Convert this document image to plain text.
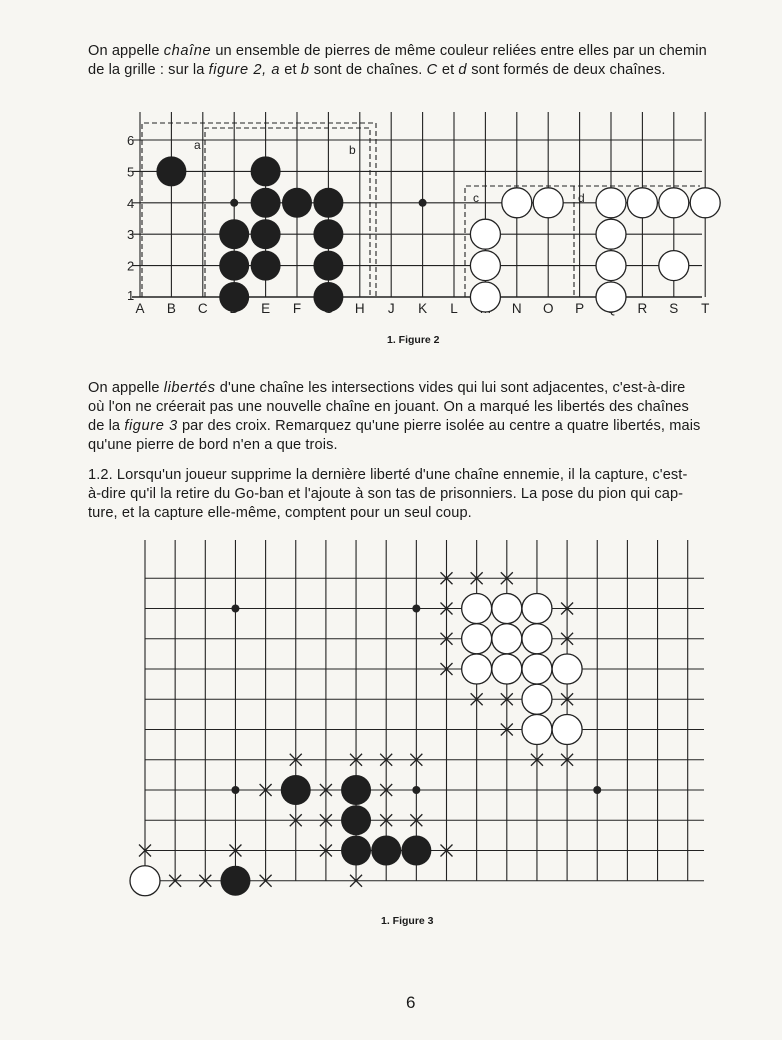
On appelle chaîne un ensemble de pierres de même couleur reliées entre elles par un chemin
de la grille : sur la figure 2, a et b sont de chaînes. C et d sont formés de deux chaînes.

6
5
4
3
2
1
A B C	E F	H J K L	N O P	R S T
a	b
c	d
1. Figure 2

On appelle libertés d'une chaîne les intersections vides qui lui sont adjacentes, c'est-à-dire
où l'on ne créerait pas une nouvelle chaîne en jouant. On a marqué les libertés des chaînes
de la figure 3 par des croix. Remarquez qu'une pierre isolée au centre a quatre libertés, mais
qu'une pierre de bord n'en a que trois.

1.2. Lorsqu'un joueur supprime la dernière liberté d'une chaîne ennemie, il la capture, c'est-
à-dire qu'il la retire du Go-ban et l'ajoute à son tas de prisonniers. La pose du pion qui cap-
ture, et la capture elle-même, comptent pour un seul coup.

1. Figure 3
6
